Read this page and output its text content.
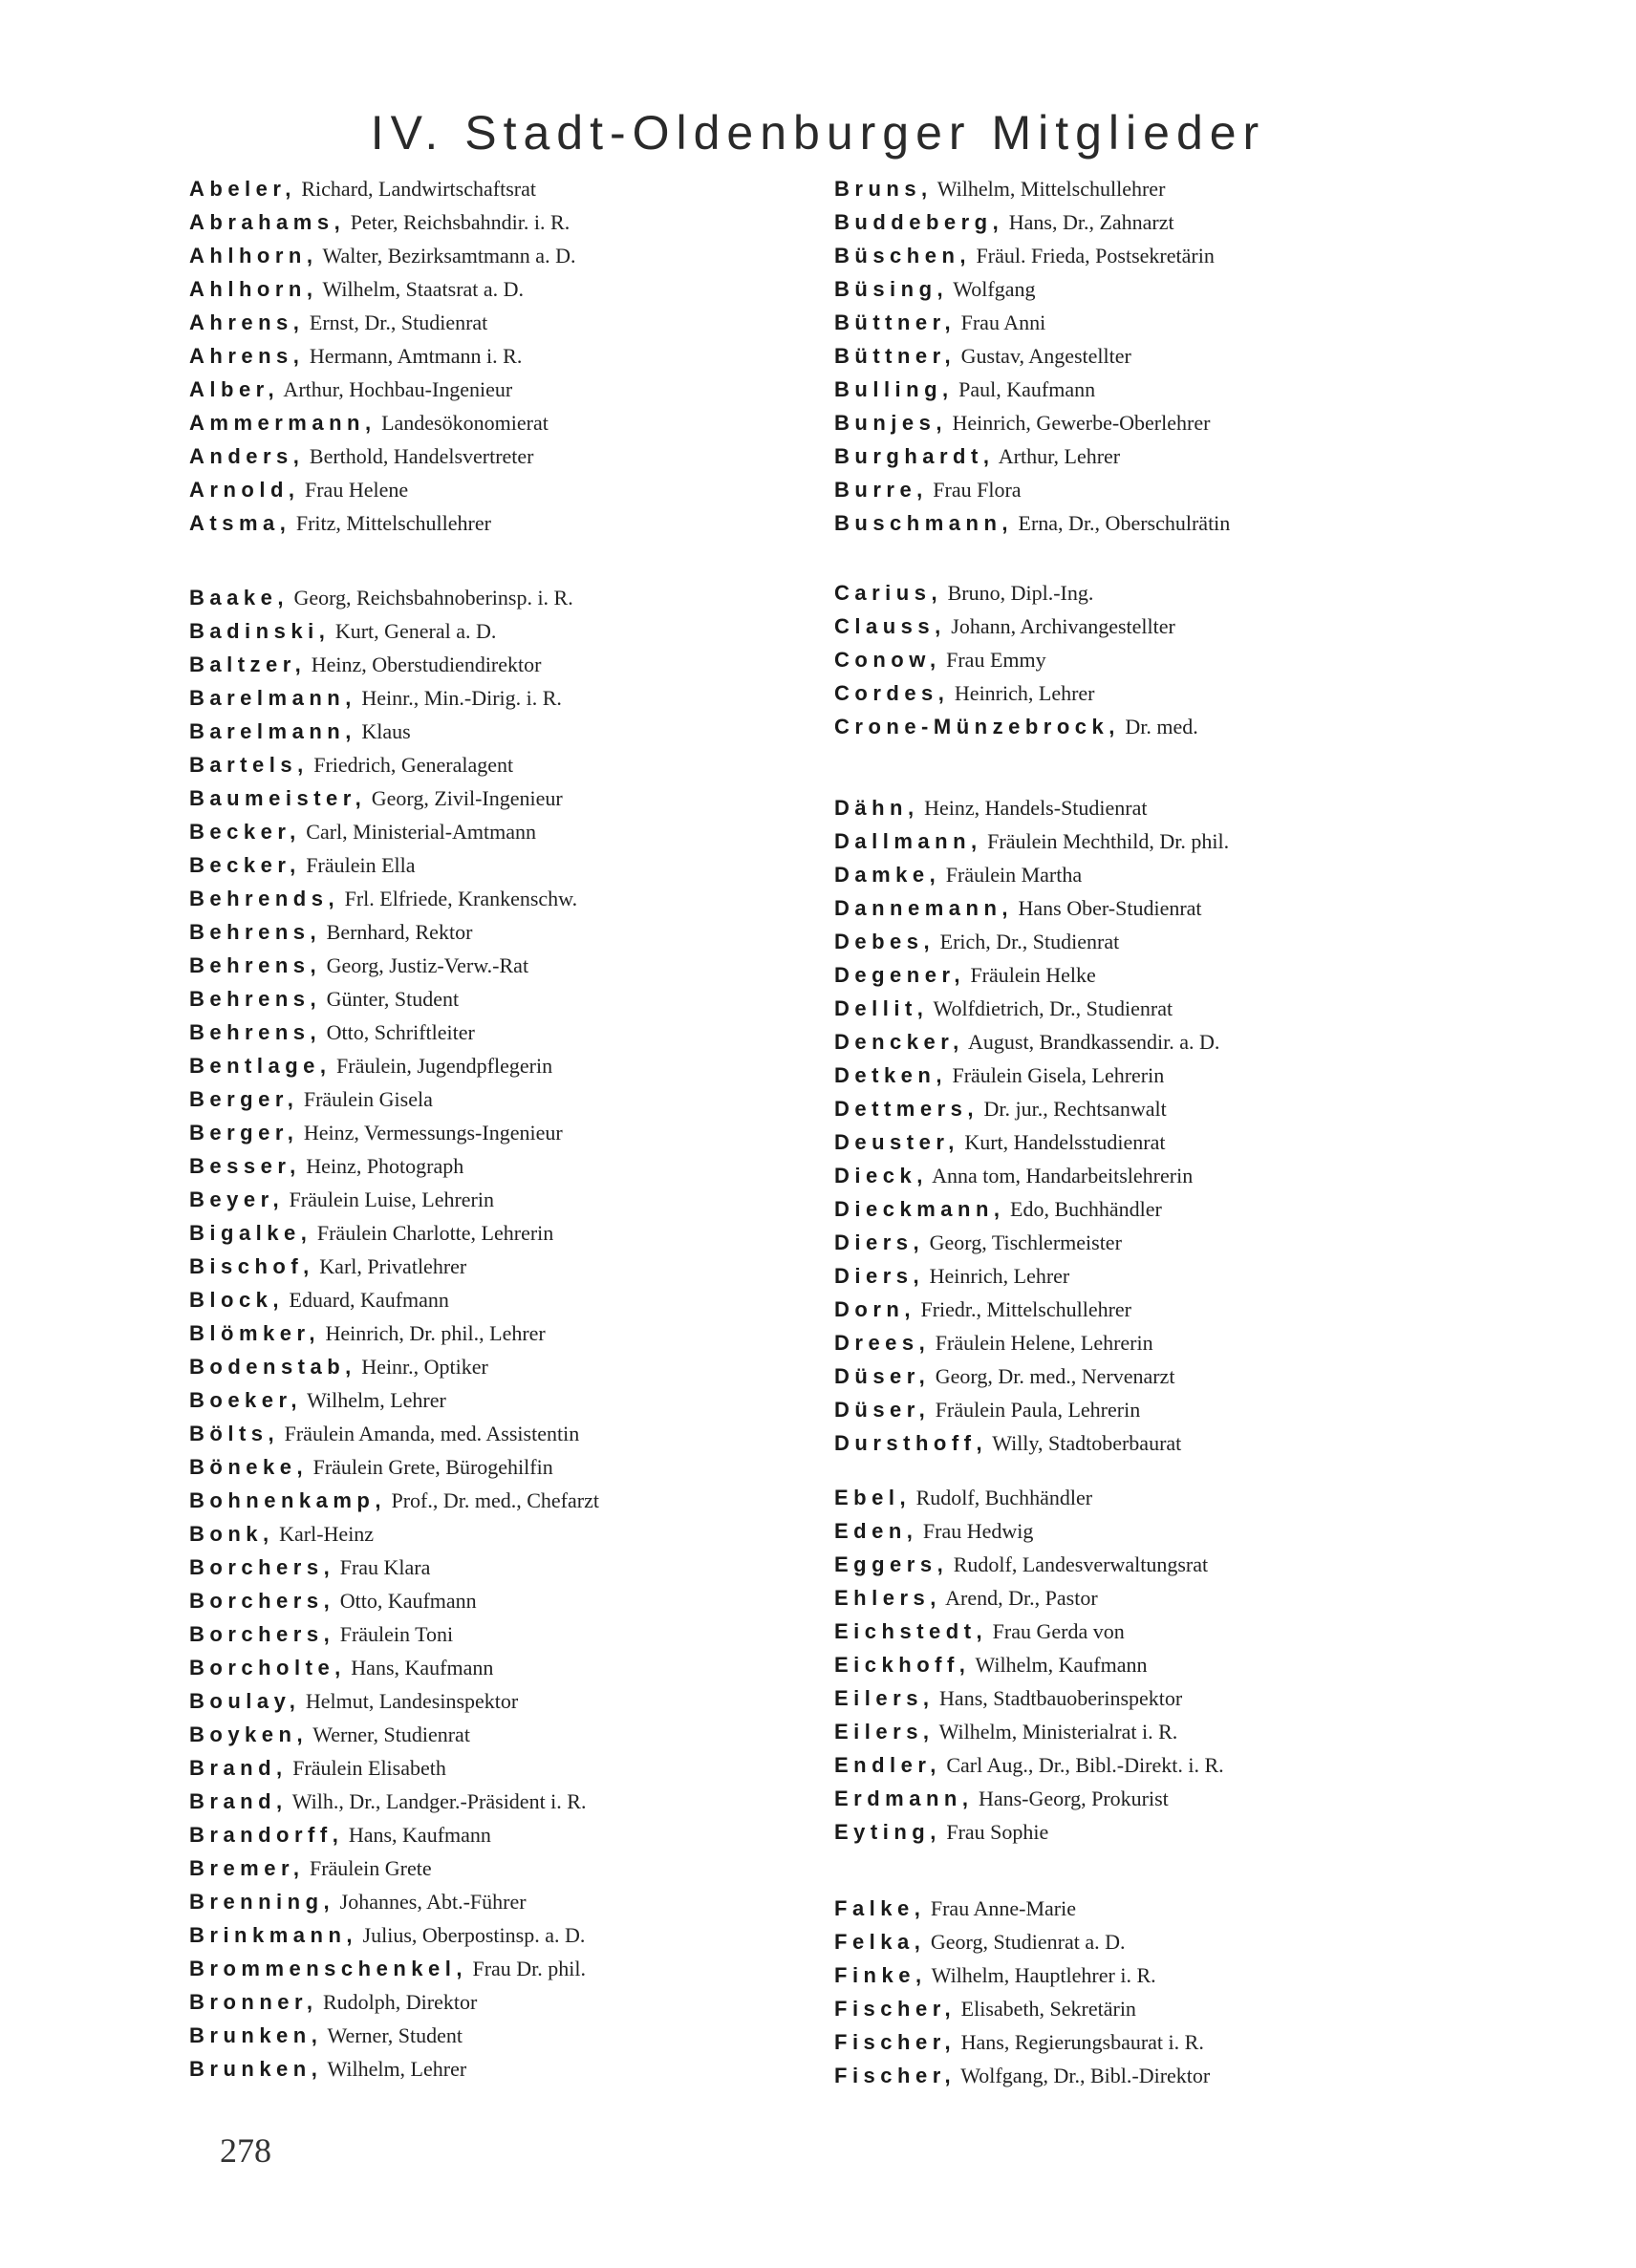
IV. Stadt-Oldenburger Mitglieder
Abeler, Richard, Landwirtschaftsrat
Abrahams, Peter, Reichsbahndir. i. R.
Ahlhorn, Walter, Bezirksamtmann a. D.
Ahlhorn, Wilhelm, Staatsrat a. D.
Ahrens, Ernst, Dr., Studienrat
Ahrens, Hermann, Amtmann i. R.
Alber, Arthur, Hochbau-Ingenieur
Ammermann, Landesökonomierat
Anders, Berthold, Handelsvertreter
Arnold, Frau Helene
Atsma, Fritz, Mittelschullehrer
Baake, Georg, Reichsbahnoberinsp. i. R.
Badinski, Kurt, General a. D.
Baltzer, Heinz, Oberstudiendirektor
Barelmann, Heinr., Min.-Dirig. i. R.
Barelmann, Klaus
Bartels, Friedrich, Generalagent
Baumeister, Georg, Zivil-Ingenieur
Becker, Carl, Ministerial-Amtmann
Becker, Fräulein Ella
Behrends, Frl. Elfriede, Krankenschw.
Behrens, Bernhard, Rektor
Behrens, Georg, Justiz-Verw.-Rat
Behrens, Günter, Student
Behrens, Otto, Schriftleiter
Bentlage, Fräulein, Jugendpflegerin
Berger, Fräulein Gisela
Berger, Heinz, Vermessungs-Ingenieur
Besser, Heinz, Photograph
Beyer, Fräulein Luise, Lehrerin
Bigalke, Fräulein Charlotte, Lehrerin
Bischof, Karl, Privatlehrer
Block, Eduard, Kaufmann
Blömker, Heinrich, Dr. phil., Lehrer
Bodenstab, Heinr., Optiker
Boeker, Wilhelm, Lehrer
Bölts, Fräulein Amanda, med. Assistentin
Böneke, Fräulein Grete, Bürogehilfin
Bohnenkamp, Prof., Dr. med., Chefarzt
Bonk, Karl-Heinz
Borchers, Frau Klara
Borchers, Otto, Kaufmann
Borchers, Fräulein Toni
Borcholte, Hans, Kaufmann
Boulay, Helmut, Landesinspektor
Boyken, Werner, Studienrat
Brand, Fräulein Elisabeth
Brand, Wilh., Dr., Landger.-Präsident i. R.
Brandorff, Hans, Kaufmann
Bremer, Fräulein Grete
Brenning, Johannes, Abt.-Führer
Brinkmann, Julius, Oberpostinsp. a. D.
Brommenschenkel, Frau Dr. phil.
Bronner, Rudolph, Direktor
Brunken, Werner, Student
Brunken, Wilhelm, Lehrer
Bruns, Wilhelm, Mittelschullehrer
Buddeberg, Hans, Dr., Zahnarzt
Büschen, Fräul. Frieda, Postsekretärin
Büsing, Wolfgang
Büttner, Frau Anni
Büttner, Gustav, Angestellter
Bulling, Paul, Kaufmann
Bunjes, Heinrich, Gewerbe-Oberlehrer
Burghardt, Arthur, Lehrer
Burre, Frau Flora
Buschmann, Erna, Dr., Oberschulrätin
Carius, Bruno, Dipl.-Ing.
Clauss, Johann, Archivangestellter
Conow, Frau Emmy
Cordes, Heinrich, Lehrer
Crone-Münzebrock, Dr. med.
Dähn, Heinz, Handels-Studienrat
Dallmann, Fräulein Mechthild, Dr. phil.
Damke, Fräulein Martha
Dannemann, Hans Ober-Studienrat
Debes, Erich, Dr., Studienrat
Degener, Fräulein Helke
Dellit, Wolfdietrich, Dr., Studienrat
Dencker, August, Brandkassendir. a. D.
Detken, Fräulein Gisela, Lehrerin
Dettmers, Dr. jur., Rechtsanwalt
Deuster, Kurt, Handelsstudienrat
Dieck, Anna tom, Handarbeitslehrerin
Dieckmann, Edo, Buchhändler
Diers, Georg, Tischlermeister
Diers, Heinrich, Lehrer
Dorn, Friedr., Mittelschullehrer
Drees, Fräulein Helene, Lehrerin
Düser, Georg, Dr. med., Nervenarzt
Düser, Fräulein Paula, Lehrerin
Dursthoff, Willy, Stadtoberbaurat
Ebel, Rudolf, Buchhändler
Eden, Frau Hedwig
Eggers, Rudolf, Landesverwaltungsrat
Ehlers, Arend, Dr., Pastor
Eichstedt, Frau Gerda von
Eickhoff, Wilhelm, Kaufmann
Eilers, Hans, Stadtbauoberinspektor
Eilers, Wilhelm, Ministerialrat i. R.
Endler, Carl Aug., Dr., Bibl.-Direkt. i. R.
Erdmann, Hans-Georg, Prokurist
Eyting, Frau Sophie
Falke, Frau Anne-Marie
Felka, Georg, Studienrat a. D.
Finke, Wilhelm, Hauptlehrer i. R.
Fischer, Elisabeth, Sekretärin
Fischer, Hans, Regierungsbaurat i. R.
Fischer, Wolfgang, Dr., Bibl.-Direktor
278
